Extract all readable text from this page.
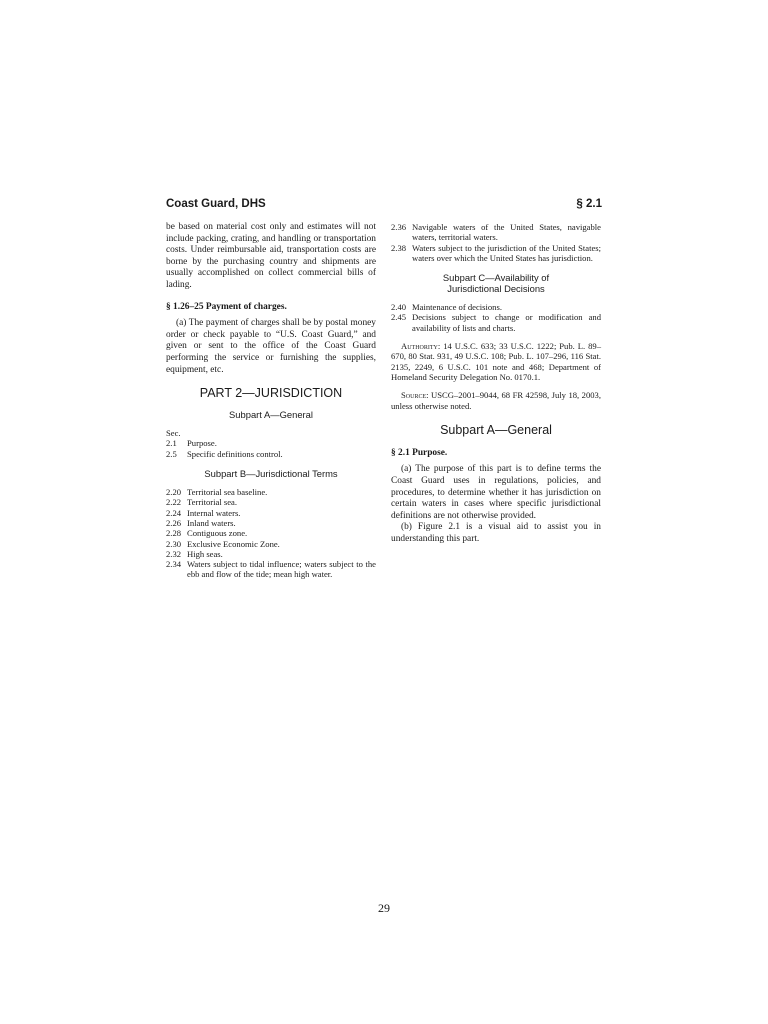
Coast Guard, DHS	§ 2.1

be based on material cost only and estimates will not include packing, crating, and handling or transportation costs. Under reimbursable aid, transportation costs are borne by the purchasing country and shipments are usually accomplished on collect commercial bills of lading.

§ 1.26–25 Payment of charges.

(a) The payment of charges shall be by postal money order or check payable to “U.S. Coast Guard,” and given or sent to the office of the Coast Guard performing the service or furnishing the supplies, equipment, etc.

PART 2—JURISDICTION
Subpart A—General

Sec.

2.1	Purpose.
2.5	Specific definitions control.
Subpart B—Jurisdictional Terms
2.20 Territorial sea baseline.
2.22 Territorial sea.
2.24 Internal waters.
2.26 Inland waters.
2.28 Contiguous zone.
2.30 Exclusive Economic Zone.
2.32 High seas.
2.34 Waters subject to tidal influence; waters subject to the ebb and flow of the tide; mean high water.
2.36 Navigable waters of the United States, navigable waters, territorial waters.
2.38 Waters subject to the jurisdiction of the United States; waters over which the United States has jurisdiction.
Subpart C—Availability of Jurisdictional Decisions
2.40 Maintenance of decisions.
2.45 Decisions subject to change or modification and availability of lists and charts.

Authority: 14 U.S.C. 633; 33 U.S.C. 1222; Pub. L. 89–670, 80 Stat. 931, 49 U.S.C. 108; Pub. L. 107–296, 116 Stat. 2135, 2249, 6 U.S.C. 101 note and 468; Department of Homeland Security Delegation No. 0170.1.

Source: USCG–2001–9044, 68 FR 42598, July 18, 2003, unless otherwise noted.

Subpart A—General

§ 2.1 Purpose.

(a) The purpose of this part is to define terms the Coast Guard uses in regulations, policies, and procedures, to determine whether it has jurisdiction on certain waters in cases where specific jurisdictional definitions are not otherwise provided.

(b) Figure 2.1 is a visual aid to assist you in understanding this part.

29
